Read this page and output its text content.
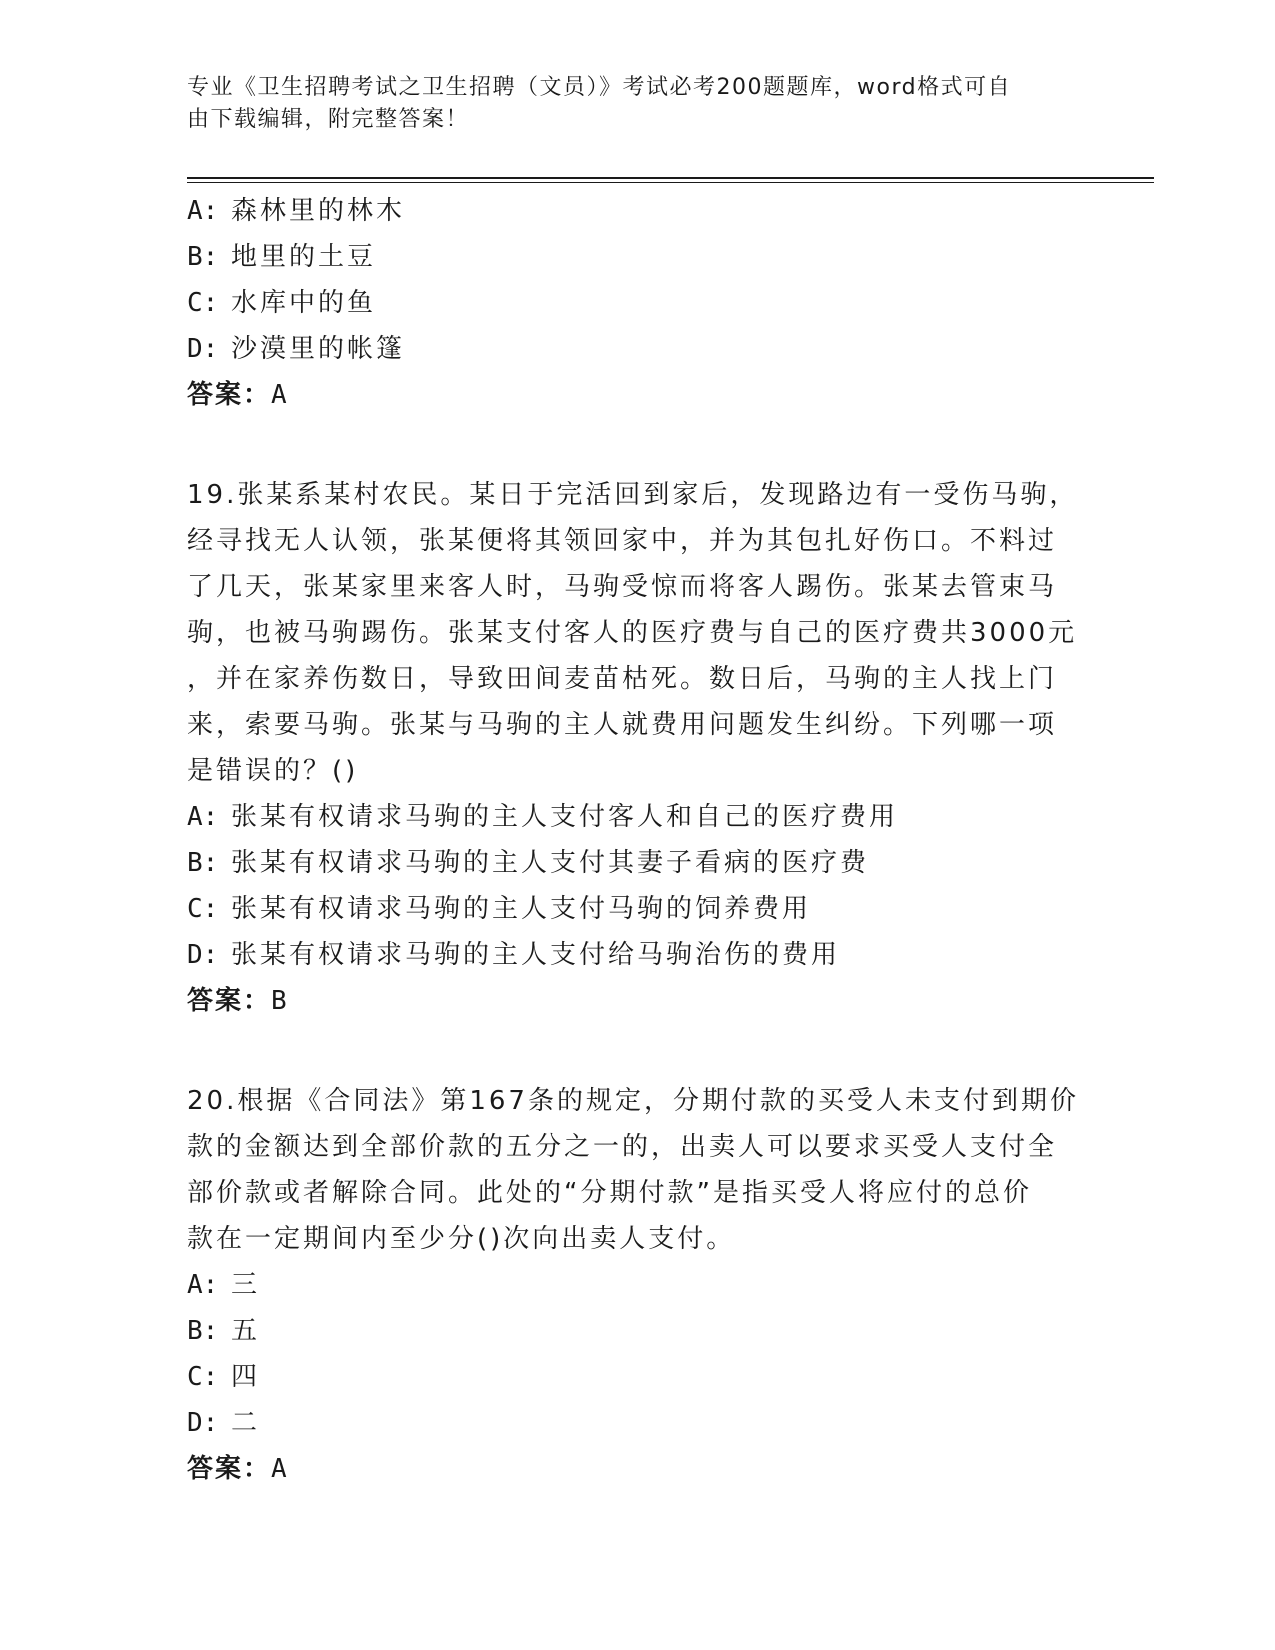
专业《卫生招聘考试之卫生招聘（文员）》考试必考200题题库，word格式可自
由下载编辑，附完整答案！
A: 森林里的林木
B: 地里的土豆
C: 水库中的鱼
D: 沙漠里的帐篷
答案：A
19.张某系某村农民。某日于完活回到家后，发现路边有一受伤马驹，
经寻找无人认领，张某便将其领回家中，并为其包扎好伤口。不料过
了几天，张某家里来客人时，马驹受惊而将客人踢伤。张某去管束马
驹，也被马驹踢伤。张某支付客人的医疗费与自己的医疗费共3000元
，并在家养伤数日，导致田间麦苗枯死。数日后，马驹的主人找上门
来，索要马驹。张某与马驹的主人就费用问题发生纠纷。下列哪一项
是错误的？()
A: 张某有权请求马驹的主人支付客人和自己的医疗费用
B: 张某有权请求马驹的主人支付其妻子看病的医疗费
C: 张某有权请求马驹的主人支付马驹的饲养费用
D: 张某有权请求马驹的主人支付给马驹治伤的费用
答案：B
20.根据《合同法》第167条的规定，分期付款的买受人未支付到期价
款的金额达到全部价款的五分之一的，出卖人可以要求买受人支付全
部价款或者解除合同。此处的“分期付款”是指买受人将应付的总价
款在一定期间内至少分()次向出卖人支付。
A: 三
B: 五
C: 四
D: 二
答案：A
